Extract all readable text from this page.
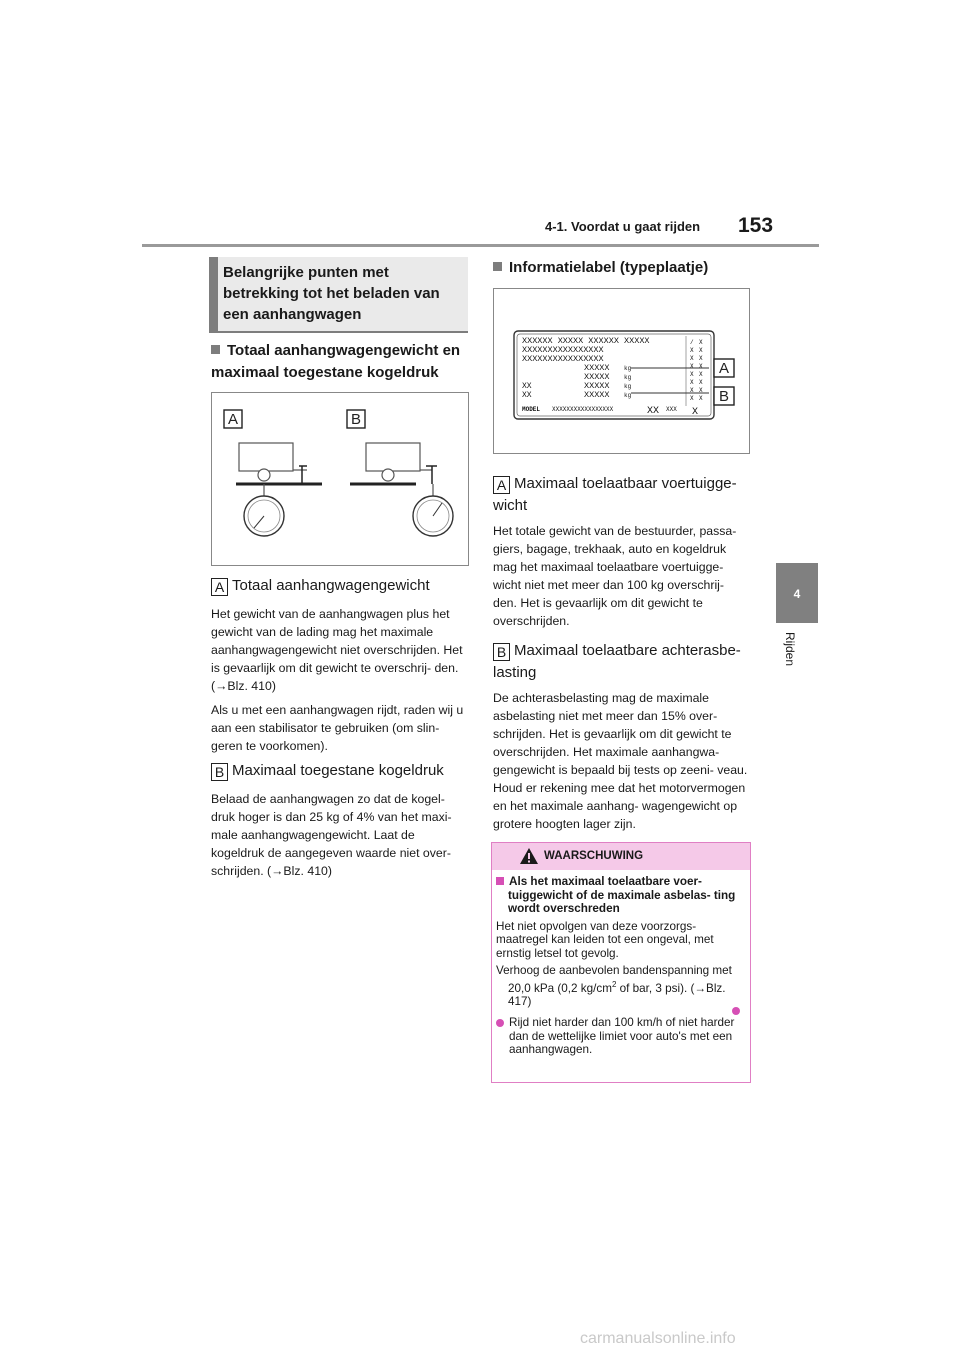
4-1. Voordat u gaat rijden 153
4
Rijden
Belangrijke punten met betrekking tot het beladen van een aanhangwagen
Totaal aanhangwagengewicht en maximaal toegestane kogeldruk
A	B
A Totaal aanhangwagengewicht

Het gewicht van de aanhangwagen plus het gewicht van de lading mag het maximale aanhangwagengewicht niet overschrijden. Het is gevaarlijk om dit gewicht te overschrij- den. (→Blz. 410)

Als u met een aanhangwagen rijdt, raden wij u aan een stabilisator te gebruiken (om slin- geren te voorkomen).

B Maximaal toegestane kogeldruk

Belaad de aanhangwagen zo dat de kogel- druk hoger is dan 25 kg of 4% van het maxi- male aanhangwagengewicht. Laat de kogeldruk de aangegeven waarde niet over- schrijden. (→Blz. 410)

Informatielabel (typeplaatje)
XXXXXX XXXXX XXXXXX XXXXX
XXXXXXXXXXXXXXXX
XXXXXXXXXXXXXXXX
XXXXX
XXXXX
XXXXX
XXXXX
kg
kg
kg
kg
XX
XX
MODEL XXXXXXXXXXXXXXXXX	XX XXX
/
X
X
X
X
X
X
X
X
X
X
X
X
X
X
X
X
A
B
A Maximaal toelaatbaar voertuigge- wicht

Het totale gewicht van de bestuurder, passa- giers, bagage, trekhaak, auto en kogeldruk mag het maximaal toelaatbare voertuigge- wicht niet met meer dan 100 kg overschrij- den. Het is gevaarlijk om dit gewicht te overschrijden.

B Maximaal toelaatbare achterasbe- lasting

De achterasbelasting mag de maximale asbelasting niet met meer dan 15% over- schrijden. Het is gevaarlijk om dit gewicht te overschrijden. Het maximale aanhangwa- gengewicht is bepaald bij tests op zeeni- veau. Houd er rekening mee dat het motorvermogen en het maximale aanhang- wagengewicht op grotere hoogten lager zijn.

WAARSCHUWING

Als het maximaal toelaatbare voer- tuiggewicht of de maximale asbelas- ting wordt overschreden

Het niet opvolgen van deze voorzorgs- maatregel kan leiden tot een ongeval, met ernstig letsel tot gevolg.

Verhoog de aanbevolen bandenspanning met 20,0 kPa (0,2 $kg/cm^2$ of bar, 3 psi). (→Blz. 417)

Rijd niet harder dan 100 km/h of niet harder dan de wettelijke limiet voor auto's met een aanhangwagen.

carmanualsonline.info
